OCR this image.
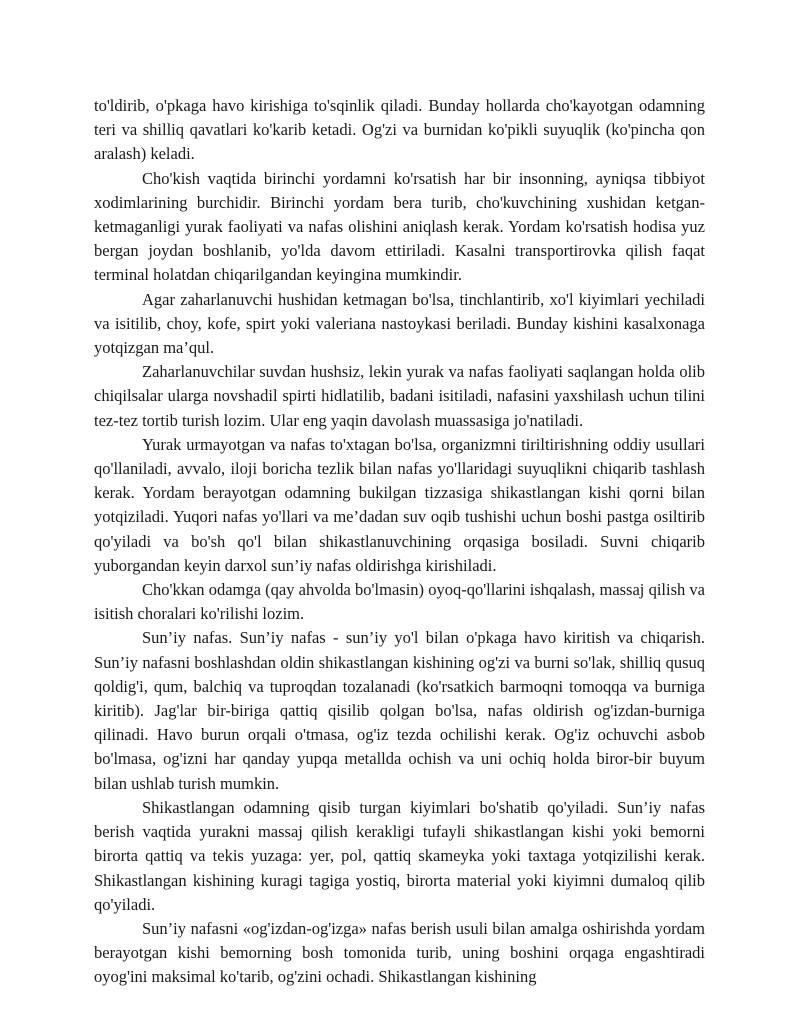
to'ldirib, o'pkaga havo kirishiga to'sqinlik qiladi. Bunday hollarda cho'kayotgan odamning teri va shilliq qavatlari ko'karib ketadi. Og'zi va burnidan ko'pikli suyuqlik (ko'pincha qon aralash) keladi.

Cho'kish vaqtida birinchi yordamni ko'rsatish har bir insonning, ayniqsa tibbiyot xodimlarining burchidir. Birinchi yordam bera turib, cho'kuvchining xushidan ketgan-ketmaganligi yurak faoliyati va nafas olishini aniqlash kerak. Yordam ko'rsatish hodisa yuz bergan joydan boshlanib, yo'lda davom ettiriladi. Kasalni transportirovka qilish faqat terminal holatdan chiqarilgandan keyingina mumkindir.

Agar zaharlanuvchi hushidan ketmagan bo'lsa, tinchlantirib, xo'l kiyimlari yechiladi va isitilib, choy, kofe, spirt yoki valeriana nastoykasi beriladi. Bunday kishini kasalxonaga yotqizgan ma’qul.

Zaharlanuvchilar suvdan hushsiz, lekin yurak va nafas faoliyati saqlangan holda olib chiqilsalar ularga novshadil spirti hidlatilib, badani isitiladi, nafasini yaxshilash uchun tilini tez-tez tortib turish lozim. Ular eng yaqin davolash muassasiga jo'natiladi.

Yurak urmayotgan va nafas to'xtagan bo'lsa, organizmni tiriltirishning oddiy usullari qo'llaniladi, avvalo, iloji boricha tezlik bilan nafas yo'llaridagi suyuqlikni chiqarib tashlash kerak. Yordam berayotgan odamning bukilgan tizzasiga shikastlangan kishi qorni bilan yotqiziladi. Yuqori nafas yo'llari va me’dadan suv oqib tushishi uchun boshi pastga osiltirib qo'yiladi va bo'sh qo'l bilan shikastlanuvchining orqasiga bosiladi. Suvni chiqarib yuborgandan keyin darxol sun’iy nafas oldirishga kirishiladi.

Cho'kkan odamga (qay ahvolda bo'lmasin) oyoq-qo'llarini ishqalash, massaj qilish va isitish choralari ko'rilishi lozim.

Sun’iy nafas. Sun’iy nafas - sun’iy yo'l bilan o'pkaga havo kiritish va chiqarish. Sun’iy nafasni boshlashdan oldin shikastlangan kishining og'zi va burni so'lak, shilliq qusuq qoldig'i, qum, balchiq va tuproqdan tozalanadi (ko'rsatkich barmoqni tomoqqa va burniga kiritib). Jag'lar bir-biriga qattiq qisilib qolgan bo'lsa, nafas oldirish og'izdan-burniga qilinadi. Havo burun orqali o'tmasa, og'iz tezda ochilishi kerak. Og'iz ochuvchi asbob bo'lmasa, og'izni har qanday yupqa metallda ochish va uni ochiq holda biror-bir buyum bilan ushlab turish mumkin.

Shikastlangan odamning qisib turgan kiyimlari bo'shatib qo'yiladi. Sun’iy nafas berish vaqtida yurakni massaj qilish kerakligi tufayli shikastlangan kishi yoki bemorni birorta qattiq va tekis yuzaga: yer, pol, qattiq skameyka yoki taxtaga yotqizilishi kerak. Shikastlangan kishining kuragi tagiga yostiq, birorta material yoki kiyimni dumaloq qilib qo'yiladi.

Sun’iy nafasni «og'izdan-og'izga» nafas berish usuli bilan amalga oshirishda yordam berayotgan kishi bemorning bosh tomonida turib, uning boshini orqaga engashtiradi oyog'ini maksimal ko'tarib, og'zini ochadi. Shikastlangan kishining
